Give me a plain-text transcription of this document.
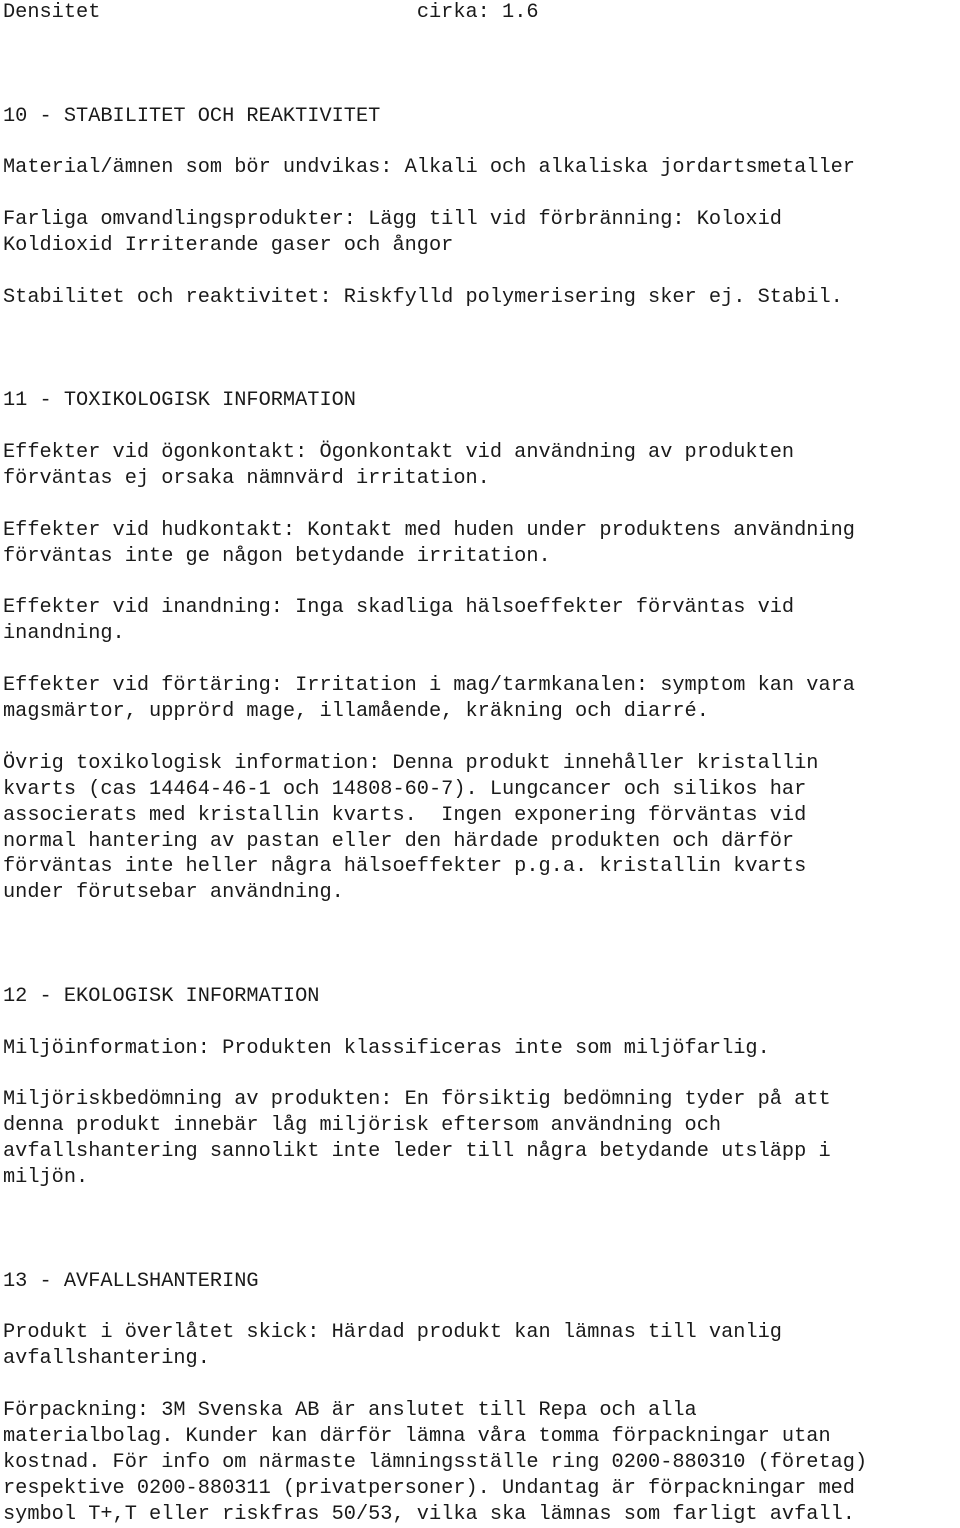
Densitet	cirka: 1.6
10 - STABILITET OCH REAKTIVITET
Material/ämnen som bör undvikas: Alkali och alkaliska jordartsmetaller
Farliga omvandlingsprodukter: Lägg till vid förbränning: Koloxid
Koldioxid Irriterande gaser och ångor
Stabilitet och reaktivitet: Riskfylld polymerisering sker ej. Stabil.
11 - TOXIKOLOGISK INFORMATION
Effekter vid ögonkontakt: Ögonkontakt vid användning av produkten
förväntas ej orsaka nämnvärd irritation.
Effekter vid hudkontakt: Kontakt med huden under produktens användning
förväntas inte ge någon betydande irritation.
Effekter vid inandning: Inga skadliga hälsoeffekter förväntas vid
inandning.
Effekter vid förtäring: Irritation i mag/tarmkanalen: symptom kan vara
magsmärtor, upprörd mage, illamående, kräkning och diarré.
Övrig toxikologisk information: Denna produkt innehåller kristallin
kvarts (cas 14464-46-1 och 14808-60-7). Lungcancer och silikos har
associerats med kristallin kvarts.  Ingen exponering förväntas vid
normal hantering av pastan eller den härdade produkten och därför
förväntas inte heller några hälsoeffekter p.g.a. kristallin kvarts
under förutsebar användning.
12 - EKOLOGISK INFORMATION
Miljöinformation: Produkten klassificeras inte som miljöfarlig.
Miljöriskbedömning av produkten: En försiktig bedömning tyder på att
denna produkt innebär låg miljörisk eftersom användning och
avfallshantering sannolikt inte leder till några betydande utsläpp i
miljön.
13 - AVFALLSHANTERING
Produkt i överlåtet skick: Härdad produkt kan lämnas till vanlig
avfallshantering.
Förpackning: 3M Svenska AB är anslutet till Repa och alla
materialbolag. Kunder kan därför lämna våra tomma förpackningar utan
kostnad. För info om närmaste lämningsställe ring 0200-880310 (företag)
respektive 0200-880311 (privatpersoner). Undantag är förpackningar med
symbol T+,T eller riskfras 50/53, vilka ska lämnas som farligt avfall.
